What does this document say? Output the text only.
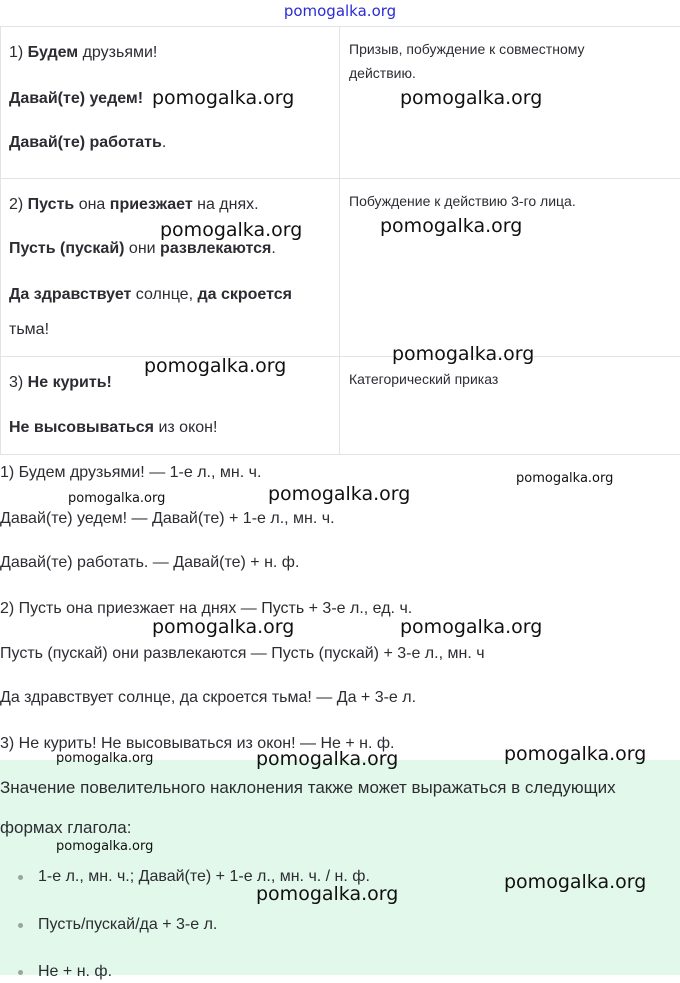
pomogalka.org

1) Будем друзьями!

Давай(те) уедем!

Давай(те) работать.	Призыв, побуждение к совместному действию.

2) Пусть она приезжает на днях.

Пусть (пускай) они развлекаются.

Да здравствует солнце, да скроется

тьма!	Побуждение к действию 3-го лица.

3) Не курить!

Не высовываться из окон!	Категорический приказ

1) Будем друзьями! — 1-е л., мн. ч.

Давай(те) уедем! — Давай(те) + 1-е л., мн. ч.

Давай(те) работать. — Давай(те) + н. ф.

2) Пусть она приезжает на днях — Пусть + 3-е л., ед. ч.

Пусть (пускай) они развлекаются — Пусть (пускай) + 3-е л., мн. ч

Да здравствует солнце, да скроется тьма! — Да + 3-е л.

3) Не курить! Не высовываться из окон! — Не + н. ф.

Значение повелительного наклонения также может выражаться в следующих формах глагола:

1-е л., мн. ч.; Давай(те) + 1-е л., мн. ч. / н. ф.
Пусть/пускай/да + 3-е л.
Не + н. ф.
pomogalka.org	pomogalka.org
pomogalka.org	pomogalka.org
pomogalka.org
pomogalka.org
pomogalka.org
pomogalka.org
pomogalka.org
pomogalka.org	pomogalka.org
pomogalka.org
pomogalka.org	pomogalka.org
pomogalka.org
pomogalka.org
pomogalka.org
